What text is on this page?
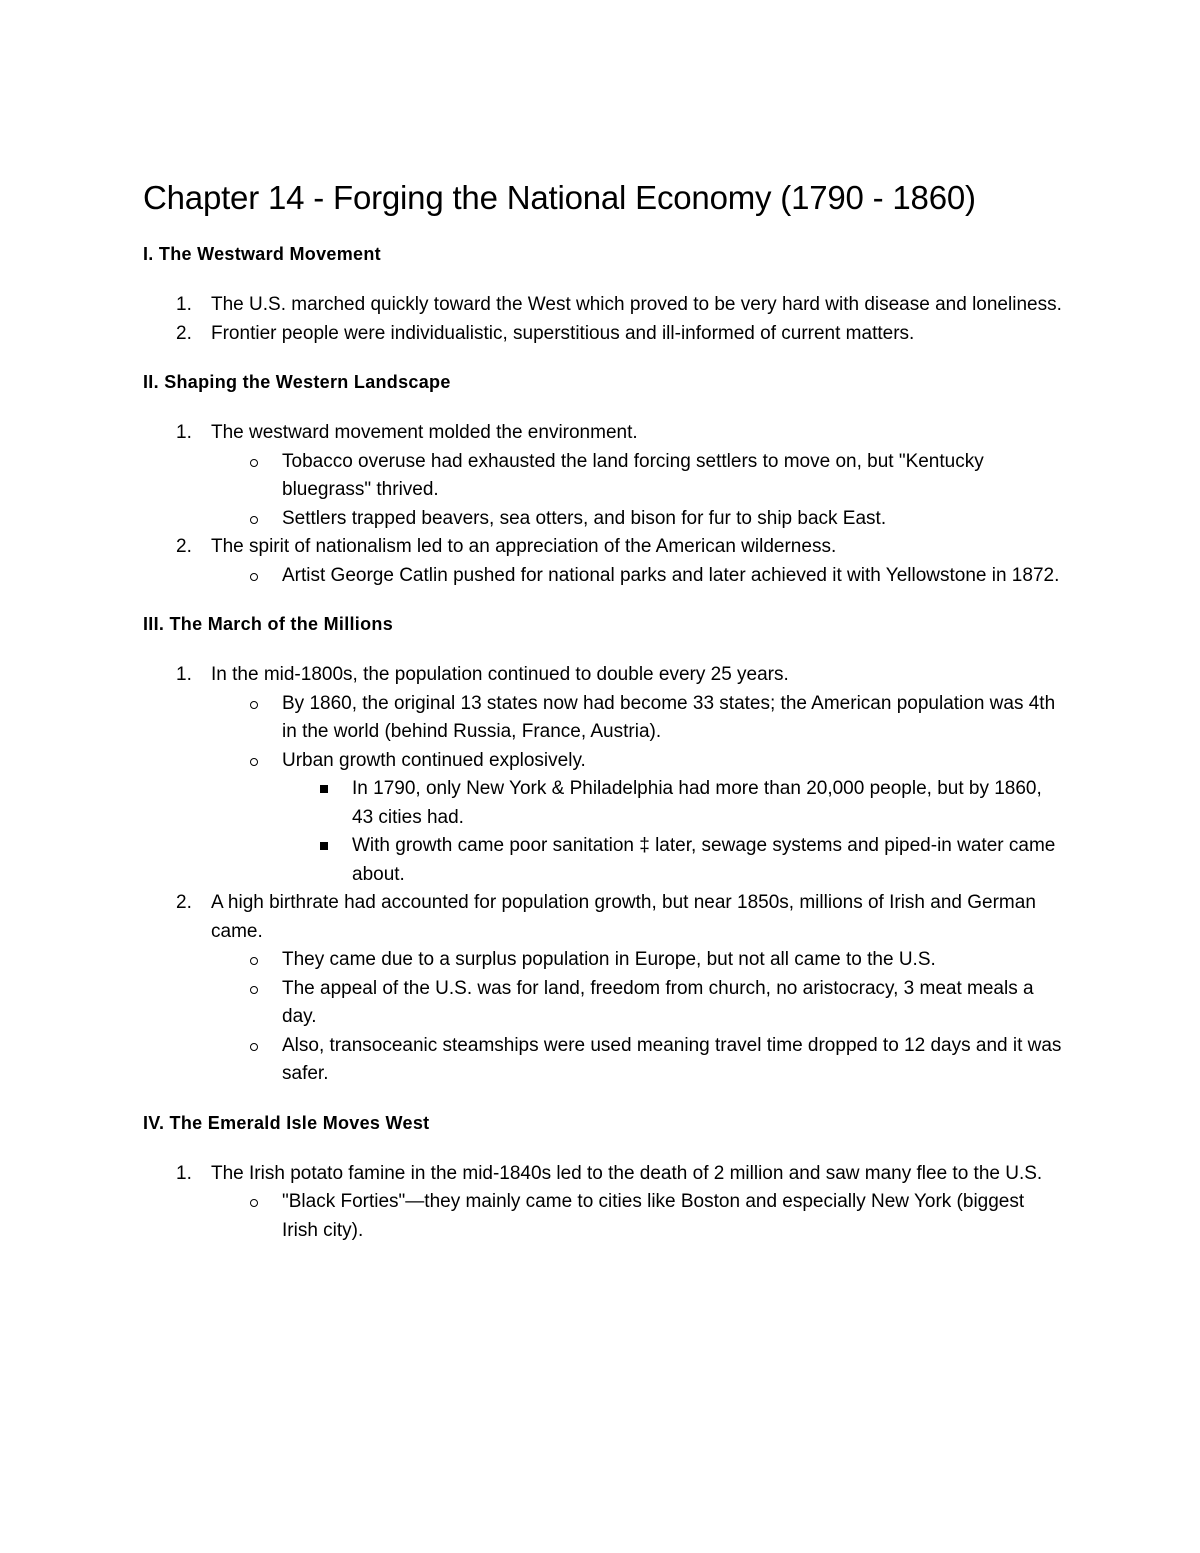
Chapter 14 - Forging the National Economy (1790 - 1860)
I. The Westward Movement
1. The U.S. marched quickly toward the West which proved to be very hard with disease and loneliness.
2. Frontier people were individualistic, superstitious and ill-informed of current matters.
II. Shaping the Western Landscape
1. The westward movement molded the environment.
Tobacco overuse had exhausted the land forcing settlers to move on, but "Kentucky bluegrass" thrived.
Settlers trapped beavers, sea otters, and bison for fur to ship back East.
2. The spirit of nationalism led to an appreciation of the American wilderness.
Artist George Catlin pushed for national parks and later achieved it with Yellowstone in 1872.
III. The March of the Millions
1. In the mid-1800s, the population continued to double every 25 years.
By 1860, the original 13 states now had become 33 states; the American population was 4th in the world (behind Russia, France, Austria).
Urban growth continued explosively.
In 1790, only New York & Philadelphia had more than 20,000 people, but by 1860, 43 cities had.
With growth came poor sanitation ‡ later, sewage systems and piped-in water came about.
2. A high birthrate had accounted for population growth, but near 1850s, millions of Irish and German came.
They came due to a surplus population in Europe, but not all came to the U.S.
The appeal of the U.S. was for land, freedom from church, no aristocracy, 3 meat meals a day.
Also, transoceanic steamships were used meaning travel time dropped to 12 days and it was safer.
IV. The Emerald Isle Moves West
1. The Irish potato famine in the mid-1840s led to the death of 2 million and saw many flee to the U.S.
"Black Forties"—they mainly came to cities like Boston and especially New York (biggest Irish city).
